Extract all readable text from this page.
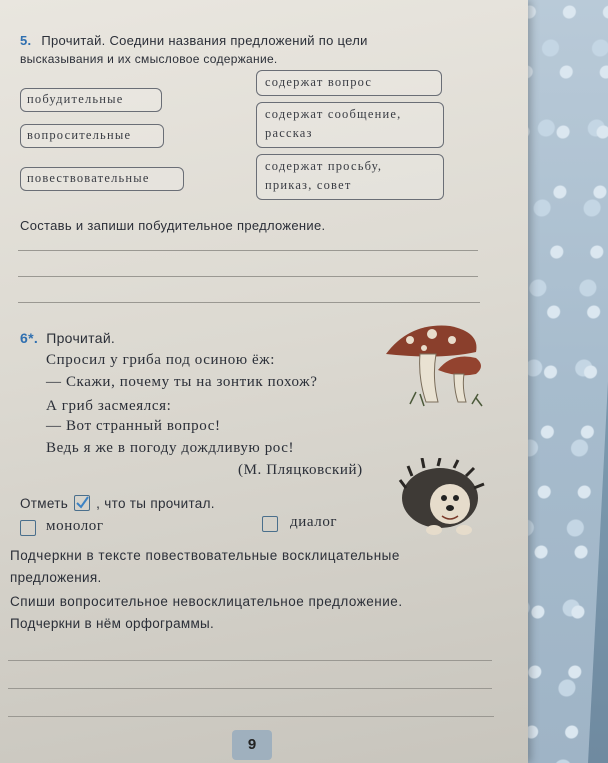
5. Прочитай. Соедини названия предложений по цели
высказывания и их смысловое содержание.
побудительные
вопросительные
повествовательные
содержат вопрос
содержат сообщение,
рассказ
содержат просьбу,
приказ, совет
Составь и запиши побудительное предложение.
6*. Прочитай.
Спросил у гриба под осиною ёж:
— Скажи, почему ты на зонтик похож?
А гриб засмеялся:
— Вот странный вопрос!
Ведь я же в погоду дождливую рос!
(М. Пляцковский)
Отметь , что ты прочитал.
монолог	диалог
Подчеркни в тексте повествовательные восклицательные
предложения.
Спиши вопросительное невосклицательное предложение.
Подчеркни в нём орфограммы.
9
